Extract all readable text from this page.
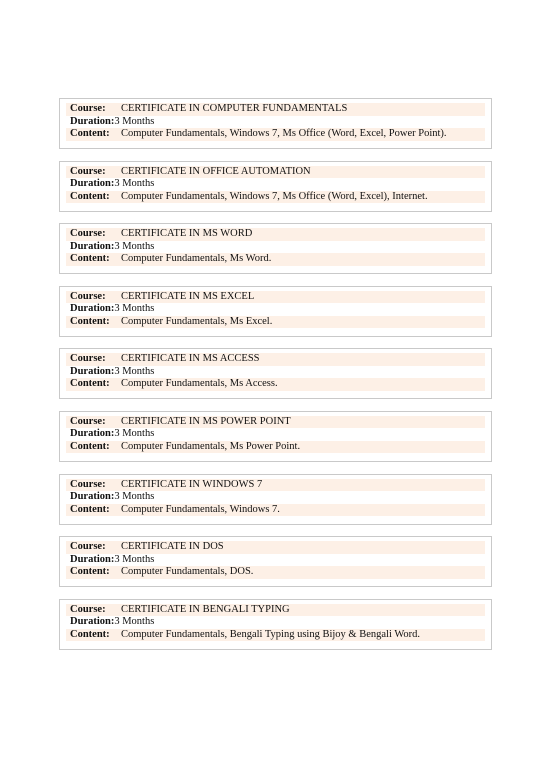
Course:	CERTIFICATE IN COMPUTER FUNDAMENTALS
Duration: 3 Months
Content:	Computer Fundamentals, Windows 7, Ms Office (Word, Excel, Power Point).
Course:	CERTIFICATE IN OFFICE AUTOMATION
Duration: 3 Months
Content:	Computer Fundamentals, Windows 7, Ms Office (Word, Excel), Internet.
Course:	CERTIFICATE IN MS WORD
Duration: 3 Months
Content:	Computer Fundamentals, Ms Word.
Course:	CERTIFICATE IN MS EXCEL
Duration: 3 Months
Content:	Computer Fundamentals, Ms Excel.
Course:	CERTIFICATE IN MS ACCESS
Duration: 3 Months
Content:	Computer Fundamentals, Ms Access.
Course:	CERTIFICATE IN MS POWER POINT
Duration: 3 Months
Content:	Computer Fundamentals, Ms Power Point.
Course:	CERTIFICATE IN WINDOWS 7
Duration: 3 Months
Content:	Computer Fundamentals, Windows 7.
Course:	CERTIFICATE IN DOS
Duration: 3 Months
Content:	Computer Fundamentals, DOS.
Course:	CERTIFICATE IN BENGALI TYPING
Duration: 3 Months
Content:	Computer Fundamentals, Bengali Typing using Bijoy & Bengali Word.
